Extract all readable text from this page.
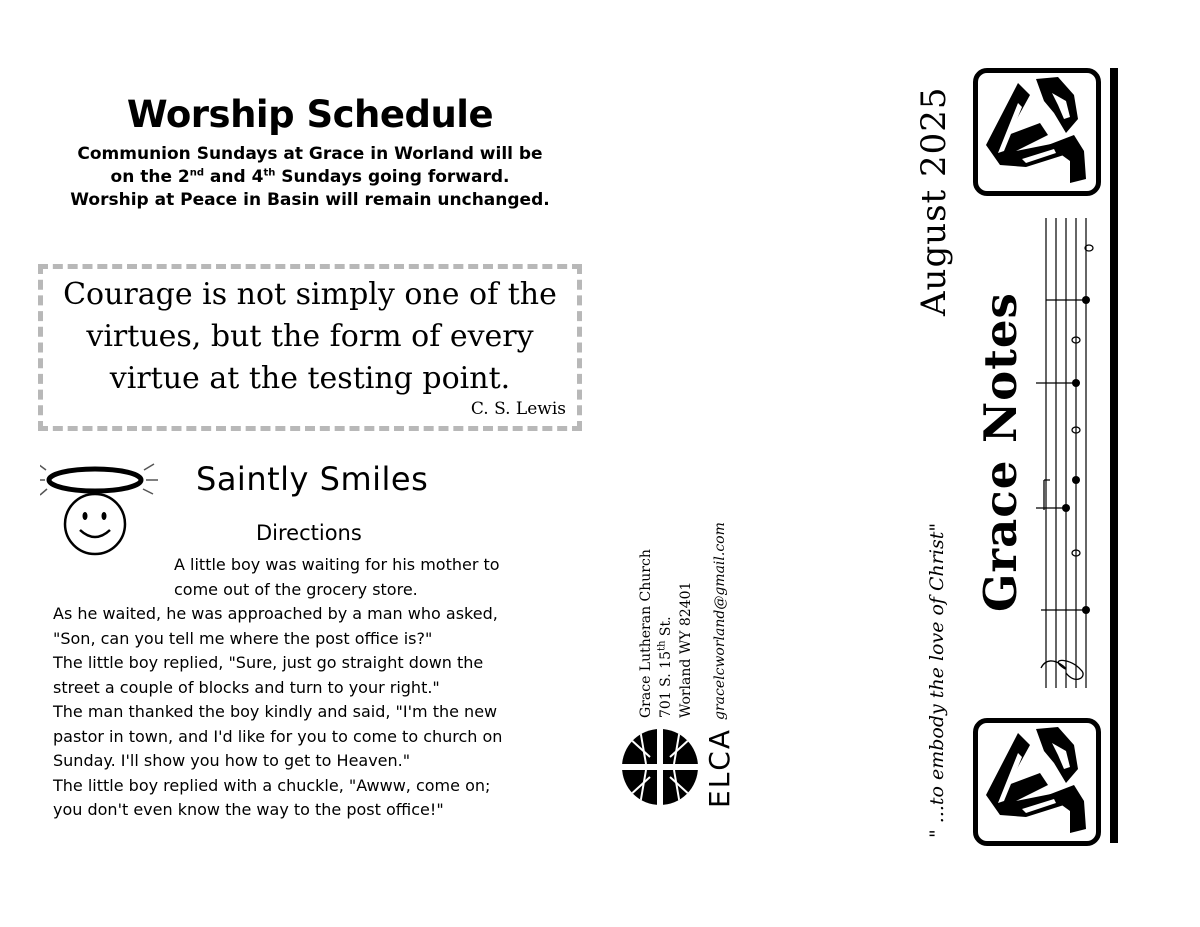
Worship Schedule
Communion Sundays at Grace in Worland will be
on the 2nd and 4th Sundays going forward.
Worship at Peace in Basin will remain unchanged.
Courage is not simply one of the virtues, but the form of every virtue at the testing point.
C. S. Lewis
Saintly Smiles
Directions
A little boy was waiting for his mother to
come out of the grocery store.
As he waited, he was approached by a man who asked,
"Son, can you tell me where the post office is?"
The little boy replied, "Sure, just go straight down the
street a couple of blocks and turn to your right."
The man thanked the boy kindly and said, "I'm the new
pastor in town, and I'd like for you to come to church on
Sunday. I'll show you how to get to Heaven."
The little boy replied with a chuckle, "Awww, come on;
you don't even know the way to the post office!"
Grace Lutheran Church 701 S. 15th St. Worland WY 82401 gracelcworland@gmail.com
ELCA
August 2025
Grace Notes
" ...to embody the love of Christ"
